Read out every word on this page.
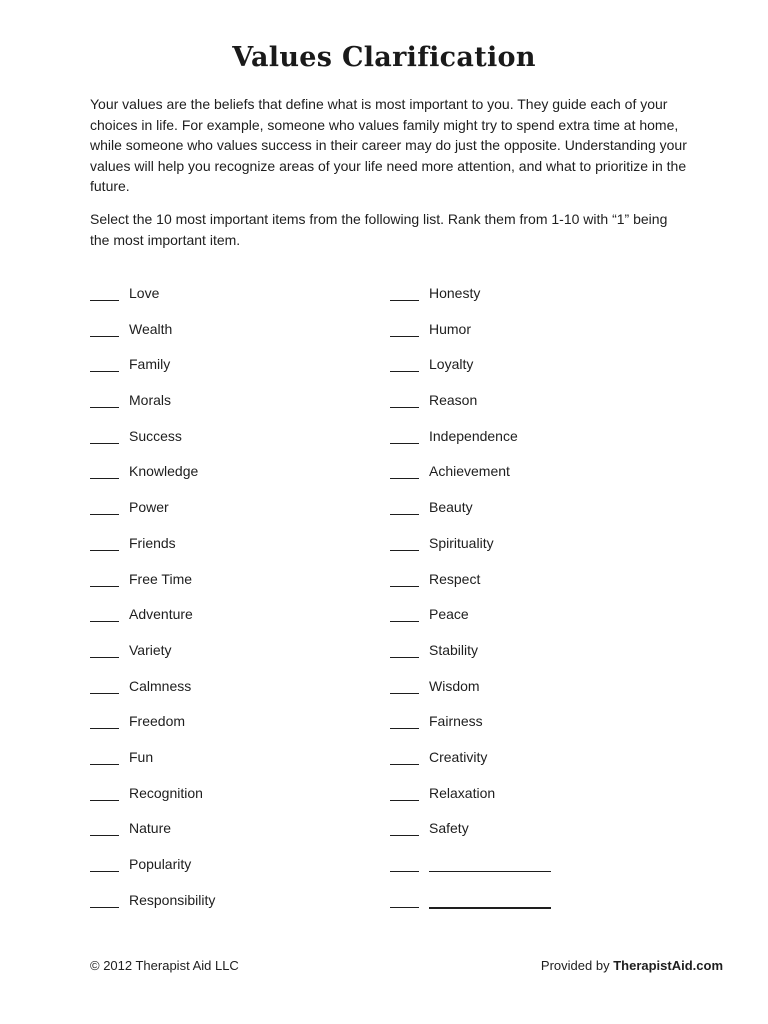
Values Clarification

Your values are the beliefs that define what is most important to you. They guide each of your choices in life. For example, someone who values family might try to spend extra time at home, while someone who values success in their career may do just the opposite. Understanding your values will help you recognize areas of your life need more attention, and what to prioritize in the future.

Select the 10 most important items from the following list. Rank them from 1-10 with “1” being the most important item.

Love
Wealth
Family
Morals
Success
Knowledge
Power
Friends
Free Time
Adventure
Variety
Calmness
Freedom
Fun
Recognition
Nature
Popularity
Responsibility
Honesty
Humor
Loyalty
Reason
Independence
Achievement
Beauty
Spirituality
Respect
Peace
Stability
Wisdom
Fairness
Creativity
Relaxation
Safety
© 2012 Therapist Aid LLC	Provided by TherapistAid.com
